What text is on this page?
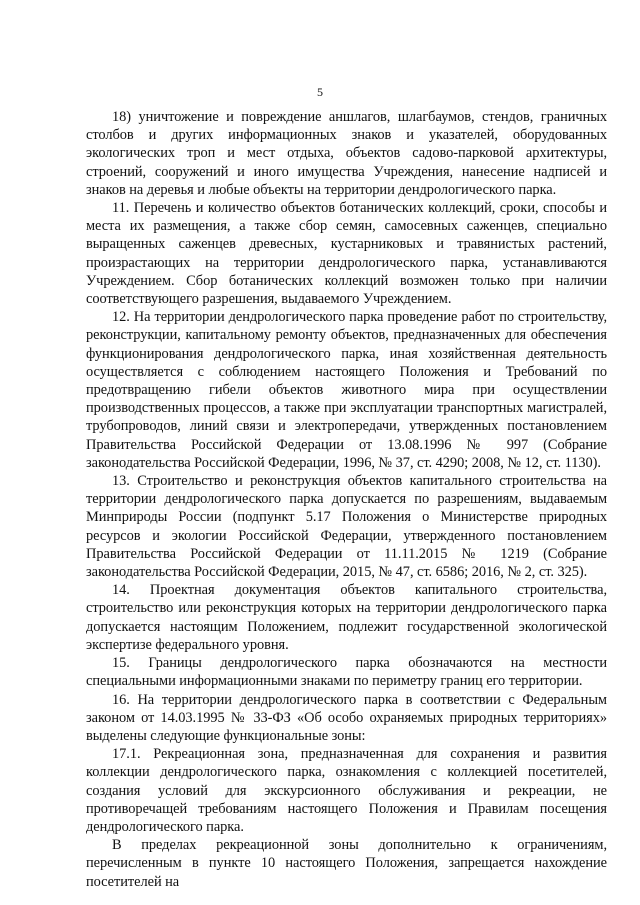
5

18) уничтожение и повреждение аншлагов, шлагбаумов, стендов, граничных столбов и других информационных знаков и указателей, оборудованных экологических троп и мест отдыха, объектов садово-парковой архитектуры, строений, сооружений и иного имущества Учреждения, нанесение надписей и знаков на деревья и любые объекты на территории дендрологического парка.

11. Перечень и количество объектов ботанических коллекций, сроки, способы и места их размещения, а также сбор семян, самосевных саженцев, специально выращенных саженцев древесных, кустарниковых и травянистых растений, произрастающих на территории дендрологического парка, устанавливаются Учреждением. Сбор ботанических коллекций возможен только при наличии соответствующего разрешения, выдаваемого Учреждением.

12. На территории дендрологического парка проведение работ по строительству, реконструкции, капитальному ремонту объектов, предназначенных для обеспечения функционирования дендрологического парка, иная хозяйственная деятельность осуществляется с соблюдением настоящего Положения и Требований по предотвращению гибели объектов животного мира при осуществлении производственных процессов, а также при эксплуатации транспортных магистралей, трубопроводов, линий связи и электропередачи, утвержденных постановлением Правительства Российской Федерации от 13.08.1996 № 997 (Собрание законодательства Российской Федерации, 1996, № 37, ст. 4290; 2008, № 12, ст. 1130).

13. Строительство и реконструкция объектов капитального строительства на территории дендрологического парка допускается по разрешениям, выдаваемым Минприроды России (подпункт 5.17 Положения о Министерстве природных ресурсов и экологии Российской Федерации, утвержденного постановлением Правительства Российской Федерации от 11.11.2015 № 1219 (Собрание законодательства Российской Федерации, 2015, № 47, ст. 6586; 2016, № 2, ст. 325).

14. Проектная документация объектов капитального строительства, строительство или реконструкция которых на территории дендрологического парка допускается настоящим Положением, подлежит государственной экологической экспертизе федерального уровня.

15. Границы дендрологического парка обозначаются на местности специальными информационными знаками по периметру границ его территории.

16. На территории дендрологического парка в соответствии с Федеральным законом от 14.03.1995 № 33-ФЗ «Об особо охраняемых природных территориях» выделены следующие функциональные зоны:

17.1. Рекреационная зона, предназначенная для сохранения и развития коллекции дендрологического парка, ознакомления с коллекцией посетителей, создания условий для экскурсионного обслуживания и рекреации, не противоречащей требованиям настоящего Положения и Правилам посещения дендрологического парка.

В пределах рекреационной зоны дополнительно к ограничениям, перечисленным в пункте 10 настоящего Положения, запрещается нахождение посетителей на
